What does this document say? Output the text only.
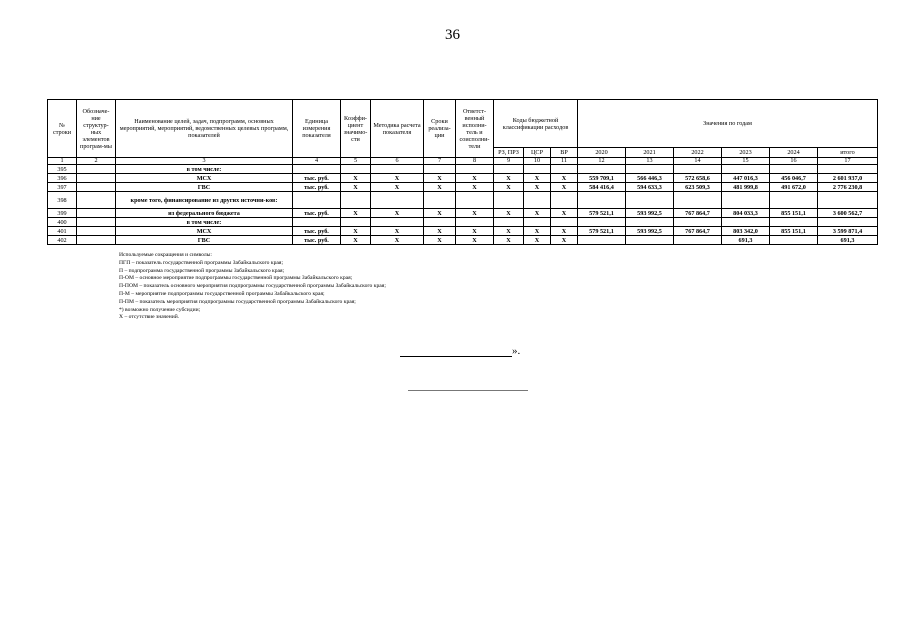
36
№ строки	Обозначе-ние структур-ных элементов програм-мы	Наименование целей, задач, подпрограмм, основных мероприятий, мероприятий, ведомственных целевых программ, показателей	Единица измерения показателя	Коэффи-циент значимо-сти	Методика расчета показателя	Сроки реализа-ции	Ответст-венный исполни-тель и соисполни-тели	Коды бюджетной классификации расходов			Значения по годам					
								РЗ, ПРЗ	ЦСР	ВР	2020	2021	2022	2023	2024	итого
1	2	3	4	5	6	7	8	9	10	11	12	13	14	15	16	17
395		в том числе:														
396		МСХ	тыс. руб.	X	X	X	X	X	X	X	559 709,1	566 446,3	572 658,6	447 016,3	456 046,7	2 601 937,0
397		ГВС	тыс. руб.	X	X	X	X	X	X	X	584 416,4	594 633,3	623 509,3	481 999,8	491 672,0	2 776 230,8
398		кроме того, финансирование из других источни-ков:														
399		из федерального бюджета	тыс. руб.	X	X	X	X	X	X	X	579 521,1	593 992,5	767 864,7	804 033,3	855 151,1	3 600 562,7
400		в том числе:														
401		МСХ	тыс. руб.	X	X	X	X	X	X	X	579 521,1	593 992,5	767 864,7	803 342,0	855 151,1	3 599 871,4
402		ГВС	тыс. руб.	X	X	X	X	X	X	X				691,3		691,3
Используемые сокращения и символы:
ПГП – показатель государственной программы Забайкальского края;
П – подпрограмма государственной программы Забайкальского края;
П-ОМ – основное мероприятие подпрограммы государственной программы Забайкальского края;
П-ПОМ – показатель основного мероприятия подпрограммы государственной программы Забайкальского края;
П-М – мероприятие подпрограммы государственной программы Забайкальского края;
П-ПМ – показатель мероприятия подпрограммы государственной программы Забайкальского края;
*) возможно получение субсидии;
X – отсутствие значений.
».
